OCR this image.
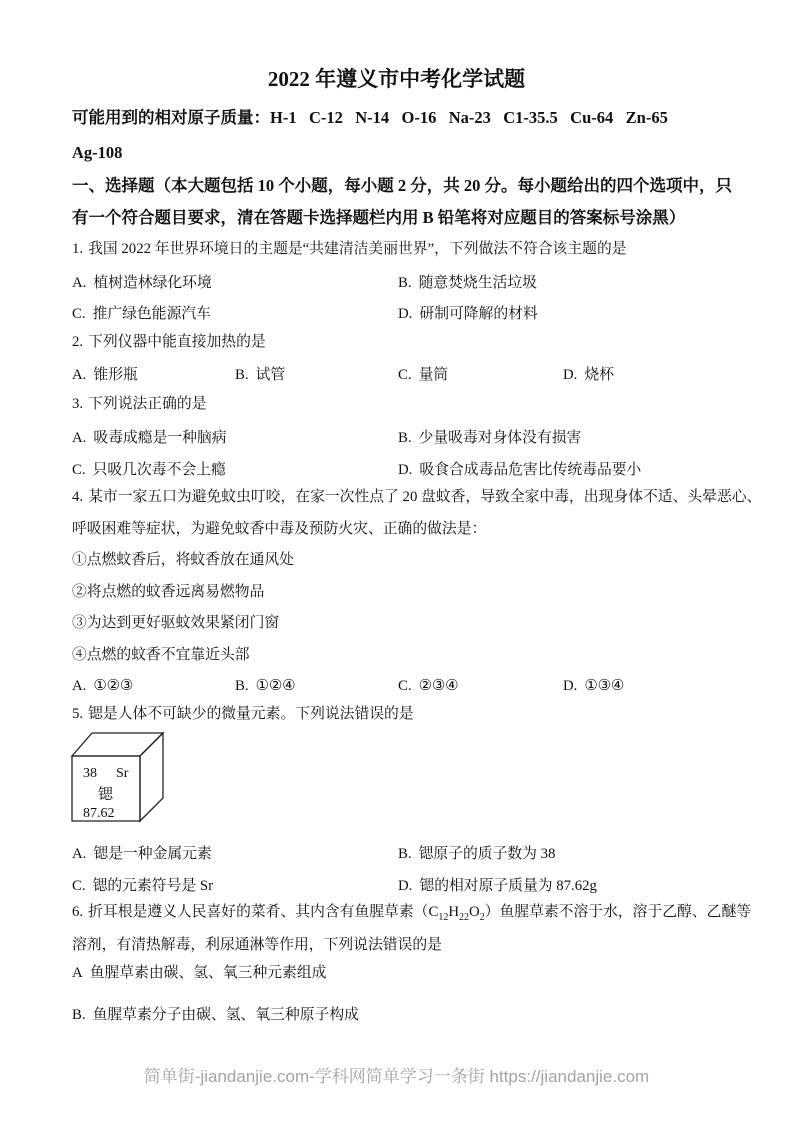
2022 年遵义市中考化学试题
可能用到的相对原子质量：H-1   C-12   N-14   O-16   Na-23   C1-35.5   Cu-64   Zn-65
Ag-108
一、选择题（本大题包括 10 个小题，每小题 2 分，共 20 分。每小题给出的四个选项中，只
有一个符合题目要求，清在答题卡选择题栏内用 B 铅笔将对应题目的答案标号涂黑）
1. 我国 2022 年世界环境日的主题是“共建清洁美丽世界”，下列做法不符合该主题的是

A. 植树造林绿化环境

	B. 随意焚烧生活垃圾

C. 推广绿色能源汽车

	D. 研制可降解的材料

2. 下列仪器中能直接加热的是

A. 锥形瓶

	B. 试管

	C. 量筒

	D. 烧杯

3. 下列说法正确的是

A. 吸毒成瘾是一种脑病

	B. 少量吸毒对身体没有损害

C. 只吸几次毒不会上瘾

	D. 吸食合成毒品危害比传统毒品要小

4. 某市一家五口为避免蚊虫叮咬，在家一次性点了 20 盘蚊香，导致全家中毒，出现身体不适、头晕恶心、
呼吸困难等症状，为避免蚊香中毒及预防火灾、正确的做法是：
①点燃蚊香后，将蚊香放在通风处
②将点燃的蚊香远离易燃物品
③为达到更好驱蚊效果紧闭门窗
④点燃的蚊香不宜靠近头部

A. ①②③

	B. ①②④

	C. ②③④

	D. ①③④

5. 锶是人体不可缺少的微量元素。下列说法错误的是
38 Sr
锶
87.62

A. 锶是一种金属元素

	B. 锶原子的质子数为 38

C. 锶的元素符号是 Sr

	D. 锶的相对原子质量为 87.62g

6. 折耳根是遵义人民喜好的菜肴、其内含有鱼腥草素$(C_{12}H_{22}O_2)$鱼腥草素不溶于水，溶于乙醇、乙醚等
溶剂，有清热解毒，利尿通淋等作用，下列说法错误的是
A 鱼腥草素由碳、氢、氧三种元素组成
B. 鱼腥草素分子由碳、氢、氧三种原子构成
简单街-jiandanjie.com-学科网简单学习一条街 https://jiandanjie.com
